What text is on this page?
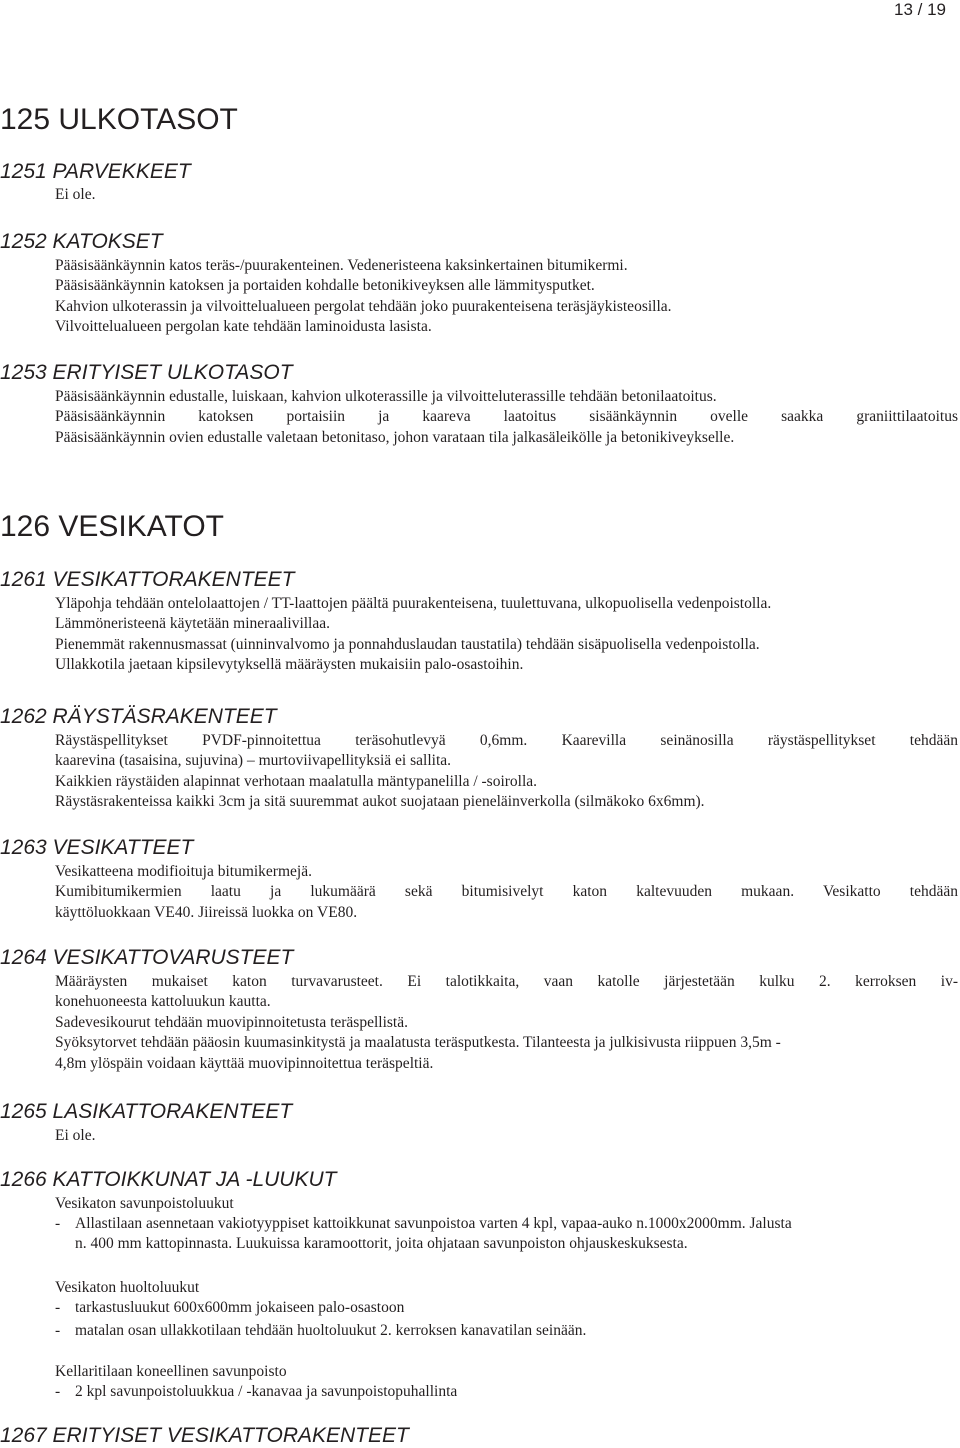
13 / 19
125 ULKOTASOT
1251 PARVEKKEET
Ei ole.
1252 KATOKSET
Pääsisäänkäynnin katos teräs-/puurakenteinen. Vedeneristeena kaksinkertainen bitumikermi.
Pääsisäänkäynnin katoksen ja portaiden kohdalle betonikiveyksen alle lämmitysputket.
Kahvion ulkoterassin ja vilvoittelualueen pergolat tehdään joko puurakenteisena teräsjäykisteosilla.
Vilvoittelualueen pergolan kate tehdään laminoidusta lasista.
1253 ERITYISET ULKOTASOT
Pääsisäänkäynnin edustalle, luiskaan, kahvion ulkoterassille ja vilvoitteluterassille tehdään betonilaatoitus.
Pääsisäänkäynnin katoksen portaisiin ja kaareva laatoitus sisäänkäynnin ovelle saakka graniittilaatoitus
Pääsisäänkäynnin ovien edustalle valetaan betonitaso, johon varataan tila jalkasäleikölle ja betonikiveykselle.
126 VESIKATOT
1261 VESIKATTORAKENTEET
Yläpohja tehdään ontelolaattojen / TT-laattojen päältä puurakenteisena, tuulettuvana, ulkopuolisella vedenpoistolla.
Lämmöneristeenä käytetään mineraalivillaa.
Pienemmät rakennusmassat (uinninvalvomo ja ponnahduslaudan taustatila) tehdään sisäpuolisella vedenpoistolla.
Ullakkotila jaetaan kipsilevytyksellä määräysten mukaisiin palo-osastoihin.
1262 RÄYSTÄSRAKENTEET
Räystäspellitykset PVDF-pinnoitettua teräsohutlevyä 0,6mm. Kaarevilla seinänosilla räystäspellitykset tehdään
kaarevina (tasaisina, sujuvina) – murtoviivapellityksiä ei sallita.
Kaikkien räystäiden alapinnat verhotaan maalatulla mäntypanelilla / -soirolla.
Räystäsrakenteissa kaikki 3cm ja sitä suuremmat aukot suojataan pieneläinverkolla (silmäkoko 6x6mm).
1263 VESIKATTEET
Vesikatteena modifioituja bitumikermejä.
Kumibitumikermien laatu ja lukumäärä sekä bitumisivelyt katon kaltevuuden mukaan. Vesikatto tehdään
käyttöluokkaan VE40. Jiireissä luokka on VE80.
1264 VESIKATTOVARUSTEET
Määräysten mukaiset katon turvavarusteet. Ei talotikkaita, vaan katolle järjestetään kulku 2. kerroksen iv-
konehuoneesta kattoluukun kautta.
Sadevesikourut tehdään muovipinnoitetusta teräspellistä.
Syöksytorvet tehdään pääosin kuumasinkitystä ja maalatusta teräsputkesta. Tilanteesta ja julkisivusta riippuen 3,5m -
4,8m ylöspäin voidaan käyttää muovipinnoitettua teräspeltiä.
1265 LASIKATTORAKENTEET
Ei ole.
1266 KATTOIKKUNAT JA -LUUKUT
Vesikaton savunpoistoluukut
- Allastilaan asennetaan vakiotyyppiset kattoikkunat savunpoistoa varten 4 kpl, vapaa-auko n.1000x2000mm. Jalusta
n. 400 mm kattopinnasta. Luukuissa karamoottorit, joita ohjataan savunpoiston ohjauskeskuksesta.
Vesikaton huoltoluukut
- tarkastusluukut 600x600mm jokaiseen palo-osastoon
- matalan osan ullakkotilaan tehdään huoltoluukut 2. kerroksen kanavatilan seinään.
Kellaritilaan koneellinen savunpoisto
- 2 kpl savunpoistoluukkua / -kanavaa ja savunpoistopuhallinta
1267 ERITYISET VESIKATTORAKENTEET
